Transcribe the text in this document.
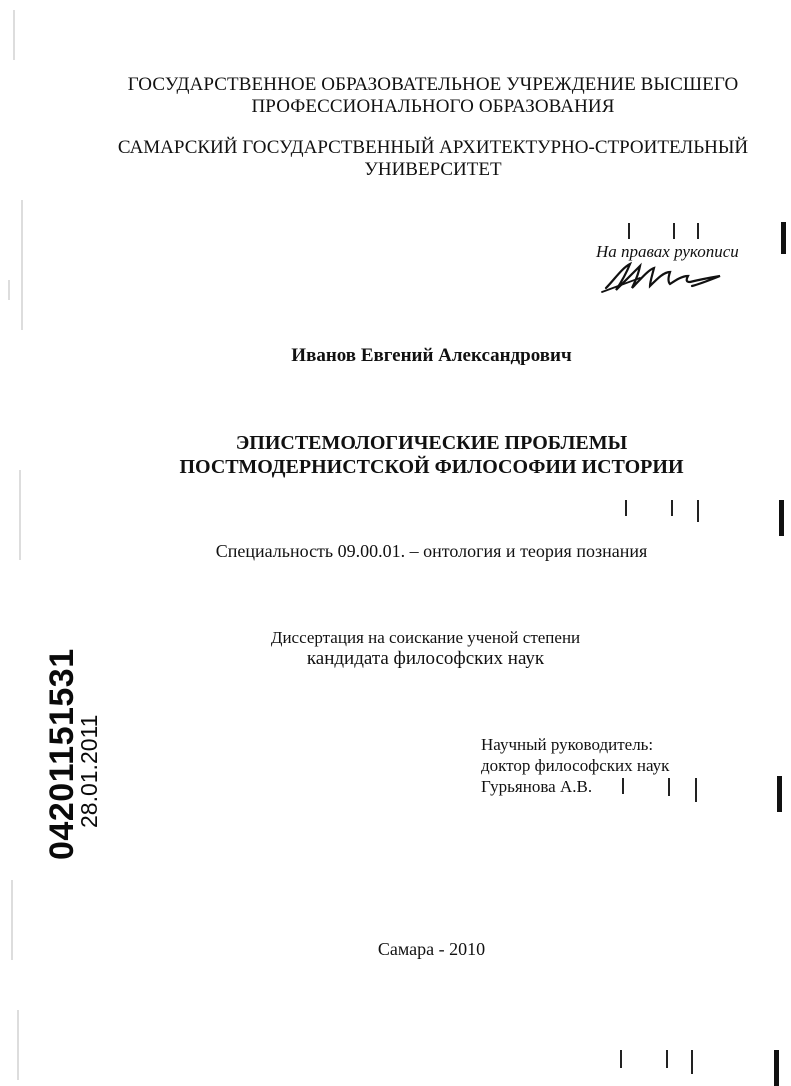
ГОСУДАРСТВЕННОЕ ОБРАЗОВАТЕЛЬНОЕ УЧРЕЖДЕНИЕ ВЫСШЕГО
ПРОФЕССИОНАЛЬНОГО ОБРАЗОВАНИЯ
САМАРСКИЙ ГОСУДАРСТВЕННЫЙ АРХИТЕКТУРНО-СТРОИТЕЛЬНЫЙ
УНИВЕРСИТЕТ
На правах рукописи
Иванов Евгений Александрович
ЭПИСТЕМОЛОГИЧЕСКИЕ ПРОБЛЕМЫ
ПОСТМОДЕРНИСТСКОЙ ФИЛОСОФИИ ИСТОРИИ
Специальность 09.00.01. – онтология и теория познания
Диссертация на соискание ученой степени
кандидата философских наук
Научный руководитель:
доктор философских наук
Гурьянова А.В.
Самара - 2010
04201151531
28.01.2011
